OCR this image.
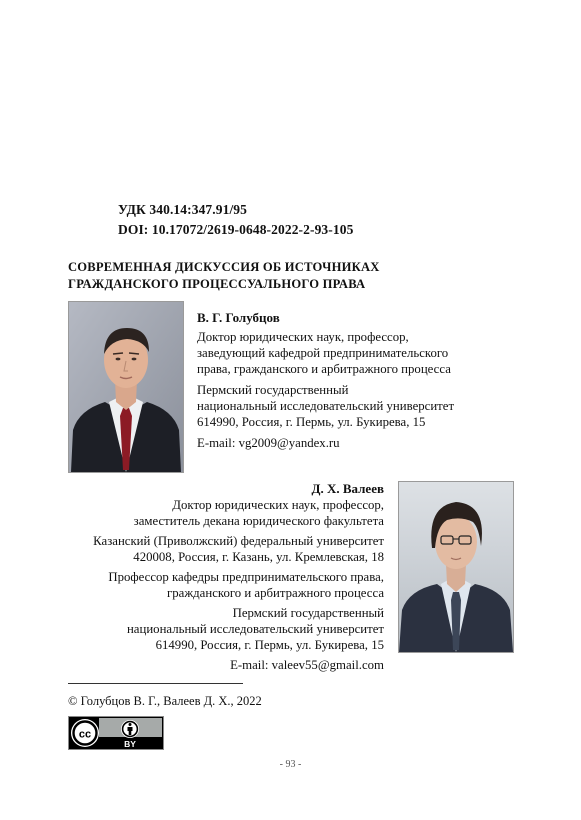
УДК 340.14:347.91/95
DOI: 10.17072/2619-0648-2022-2-93-105
СОВРЕМЕННАЯ ДИСКУССИЯ ОБ ИСТОЧНИКАХ
ГРАЖДАНСКОГО ПРОЦЕССУАЛЬНОГО ПРАВА
В. Г. Голубцов
Доктор юридических наук, профессор,
заведующий кафедрой предпринимательского
права, гражданского и арбитражного процесса
Пермский государственный
национальный исследовательский университет
614990, Россия, г. Пермь, ул. Букирева, 15
E-mail: vg2009@yandex.ru
Д. Х. Валеев
Доктор юридических наук, профессор,
заместитель декана юридического факультета
Казанский (Приволжский) федеральный университет
420008, Россия, г. Казань, ул. Кремлевская, 18
Профессор кафедры предпринимательского права,
гражданского и арбитражного процесса
Пермский государственный
национальный исследовательский университет
614990, Россия, г. Пермь, ул. Букирева, 15
E-mail: valeev55@gmail.com
© Голубцов В. Г., Валеев Д. Х., 2022
cc
BY
- 93 -
